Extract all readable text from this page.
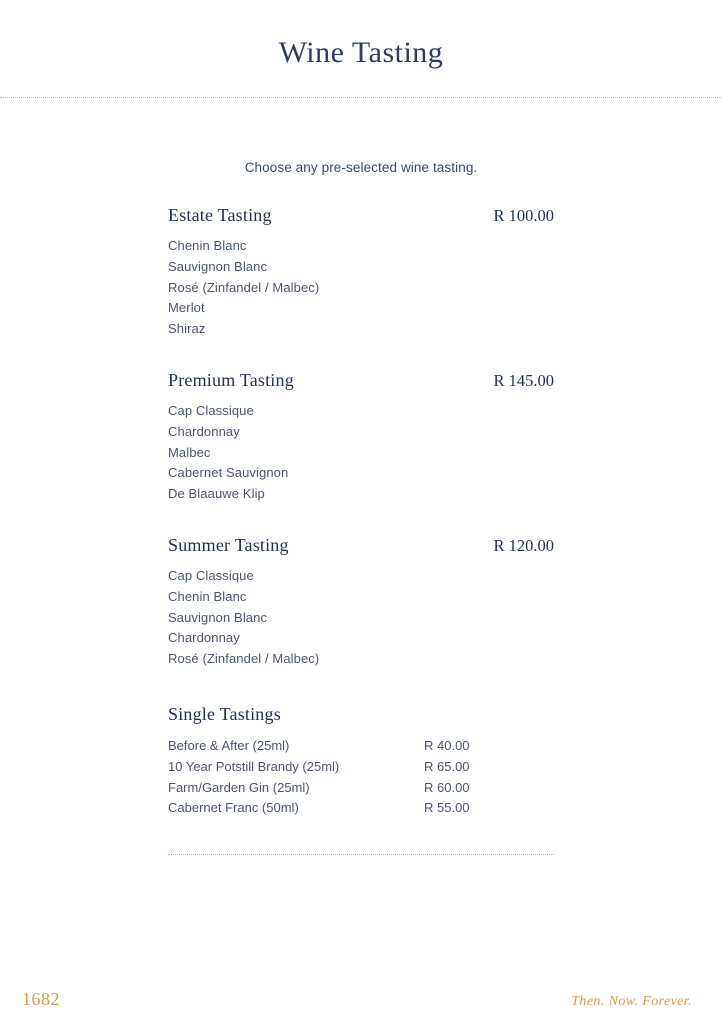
Wine Tasting

Choose any pre-selected wine tasting.

Estate Tasting	R 100.00
Chenin Blanc
Sauvignon Blanc
Rosé (Zinfandel / Malbec)
Merlot
Shiraz
Premium Tasting	R 145.00
Cap Classique
Chardonnay
Malbec
Cabernet Sauvignon
De Blaauwe Klip
Summer Tasting	R 120.00
Cap Classique
Chenin Blanc
Sauvignon Blanc
Chardonnay
Rosé (Zinfandel / Malbec)
Single Tastings
Before & After (25ml)	R 40.00
10 Year Potstill Brandy (25ml)	R 65.00
Farm/Garden Gin (25ml)	R 60.00
Cabernet Franc (50ml)	R 55.00
1682	Then. Now. Forever.
